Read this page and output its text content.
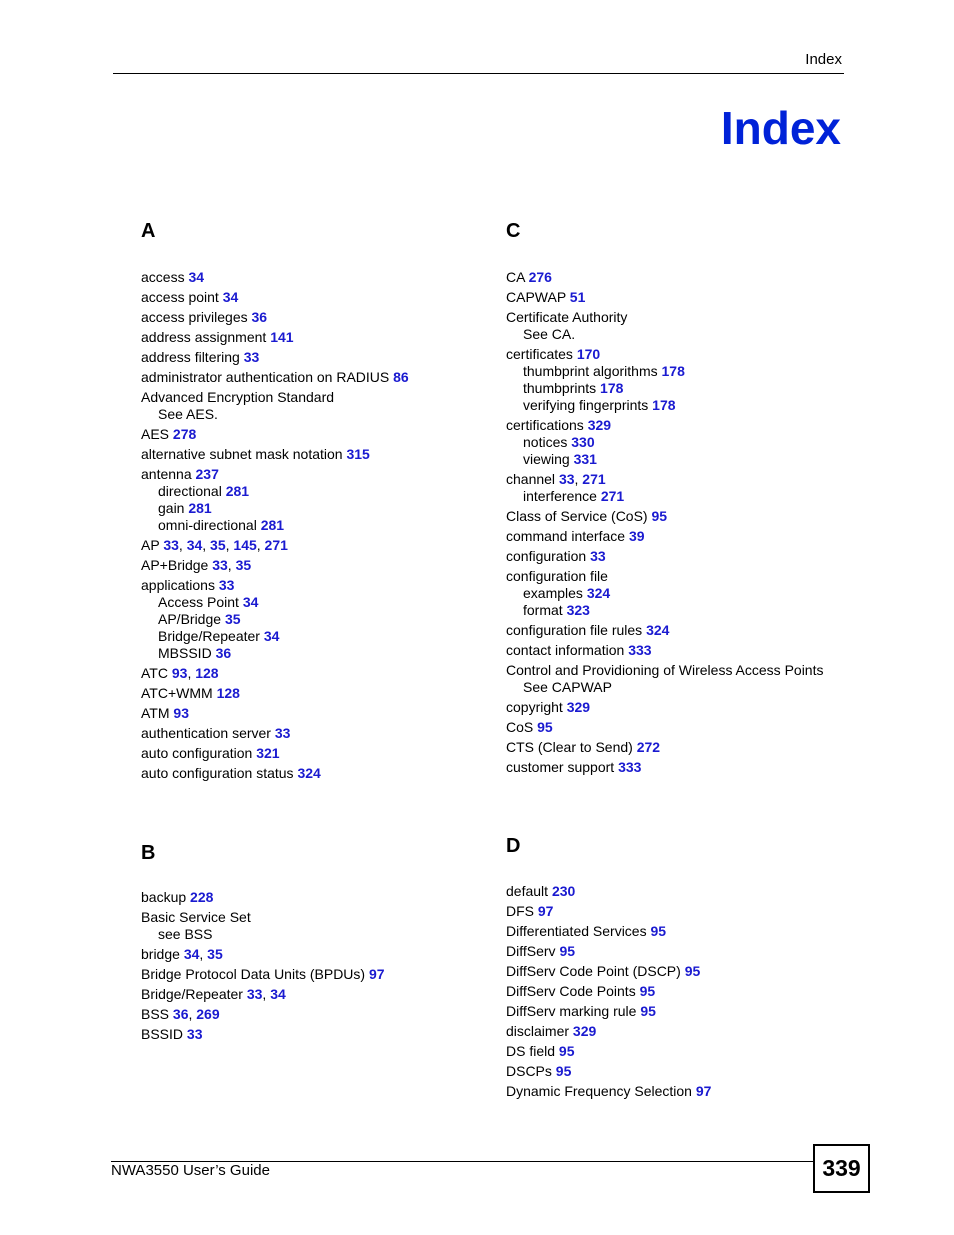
Index
Index
A
access 34
access point 34
access privileges 36
address assignment 141
address filtering 33
administrator authentication on RADIUS 86
Advanced Encryption Standard
See AES.
AES 278
alternative subnet mask notation 315
antenna 237
directional 281
gain 281
omni-directional 281
AP 33, 34, 35, 145, 271
AP+Bridge 33, 35
applications 33
Access Point 34
AP/Bridge 35
Bridge/Repeater 34
MBSSID 36
ATC 93, 128
ATC+WMM 128
ATM 93
authentication server 33
auto configuration 321
auto configuration status 324
B
backup 228
Basic Service Set
see BSS
bridge 34, 35
Bridge Protocol Data Units (BPDUs) 97
Bridge/Repeater 33, 34
BSS 36, 269
BSSID 33
C
CA 276
CAPWAP 51
Certificate Authority
See CA.
certificates 170
thumbprint algorithms 178
thumbprints 178
verifying fingerprints 178
certifications 329
notices 330
viewing 331
channel 33, 271
interference 271
Class of Service (CoS) 95
command interface 39
configuration 33
configuration file
examples 324
format 323
configuration file rules 324
contact information 333
Control and Providioning of Wireless Access Points
See CAPWAP
copyright 329
CoS 95
CTS (Clear to Send) 272
customer support 333
D
default 230
DFS 97
Differentiated Services 95
DiffServ 95
DiffServ Code Point (DSCP) 95
DiffServ Code Points 95
DiffServ marking rule 95
disclaimer 329
DS field 95
DSCPs 95
Dynamic Frequency Selection 97
NWA3550 User’s Guide	339
